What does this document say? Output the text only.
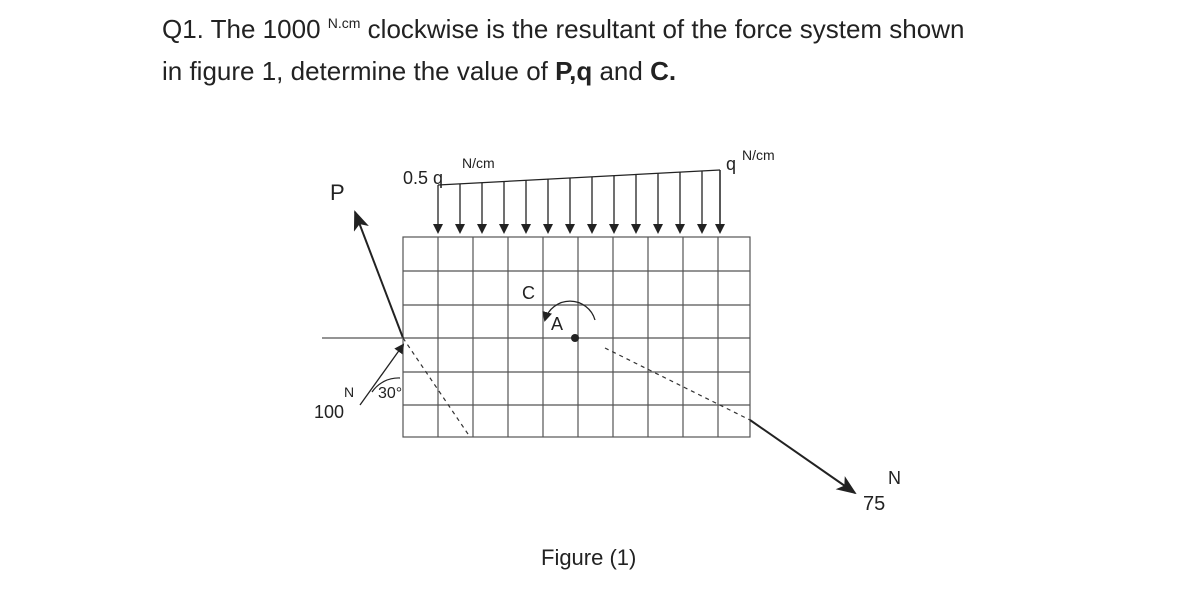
Q1. The 1000 $^{N.cm}$ clockwise is the resultant of the force system shown
in figure 1, determine the value of P,q and C.
0.5 q
N/cm	q N/cm
P
30°
N
100
C
A
75
N
Figure (1)
